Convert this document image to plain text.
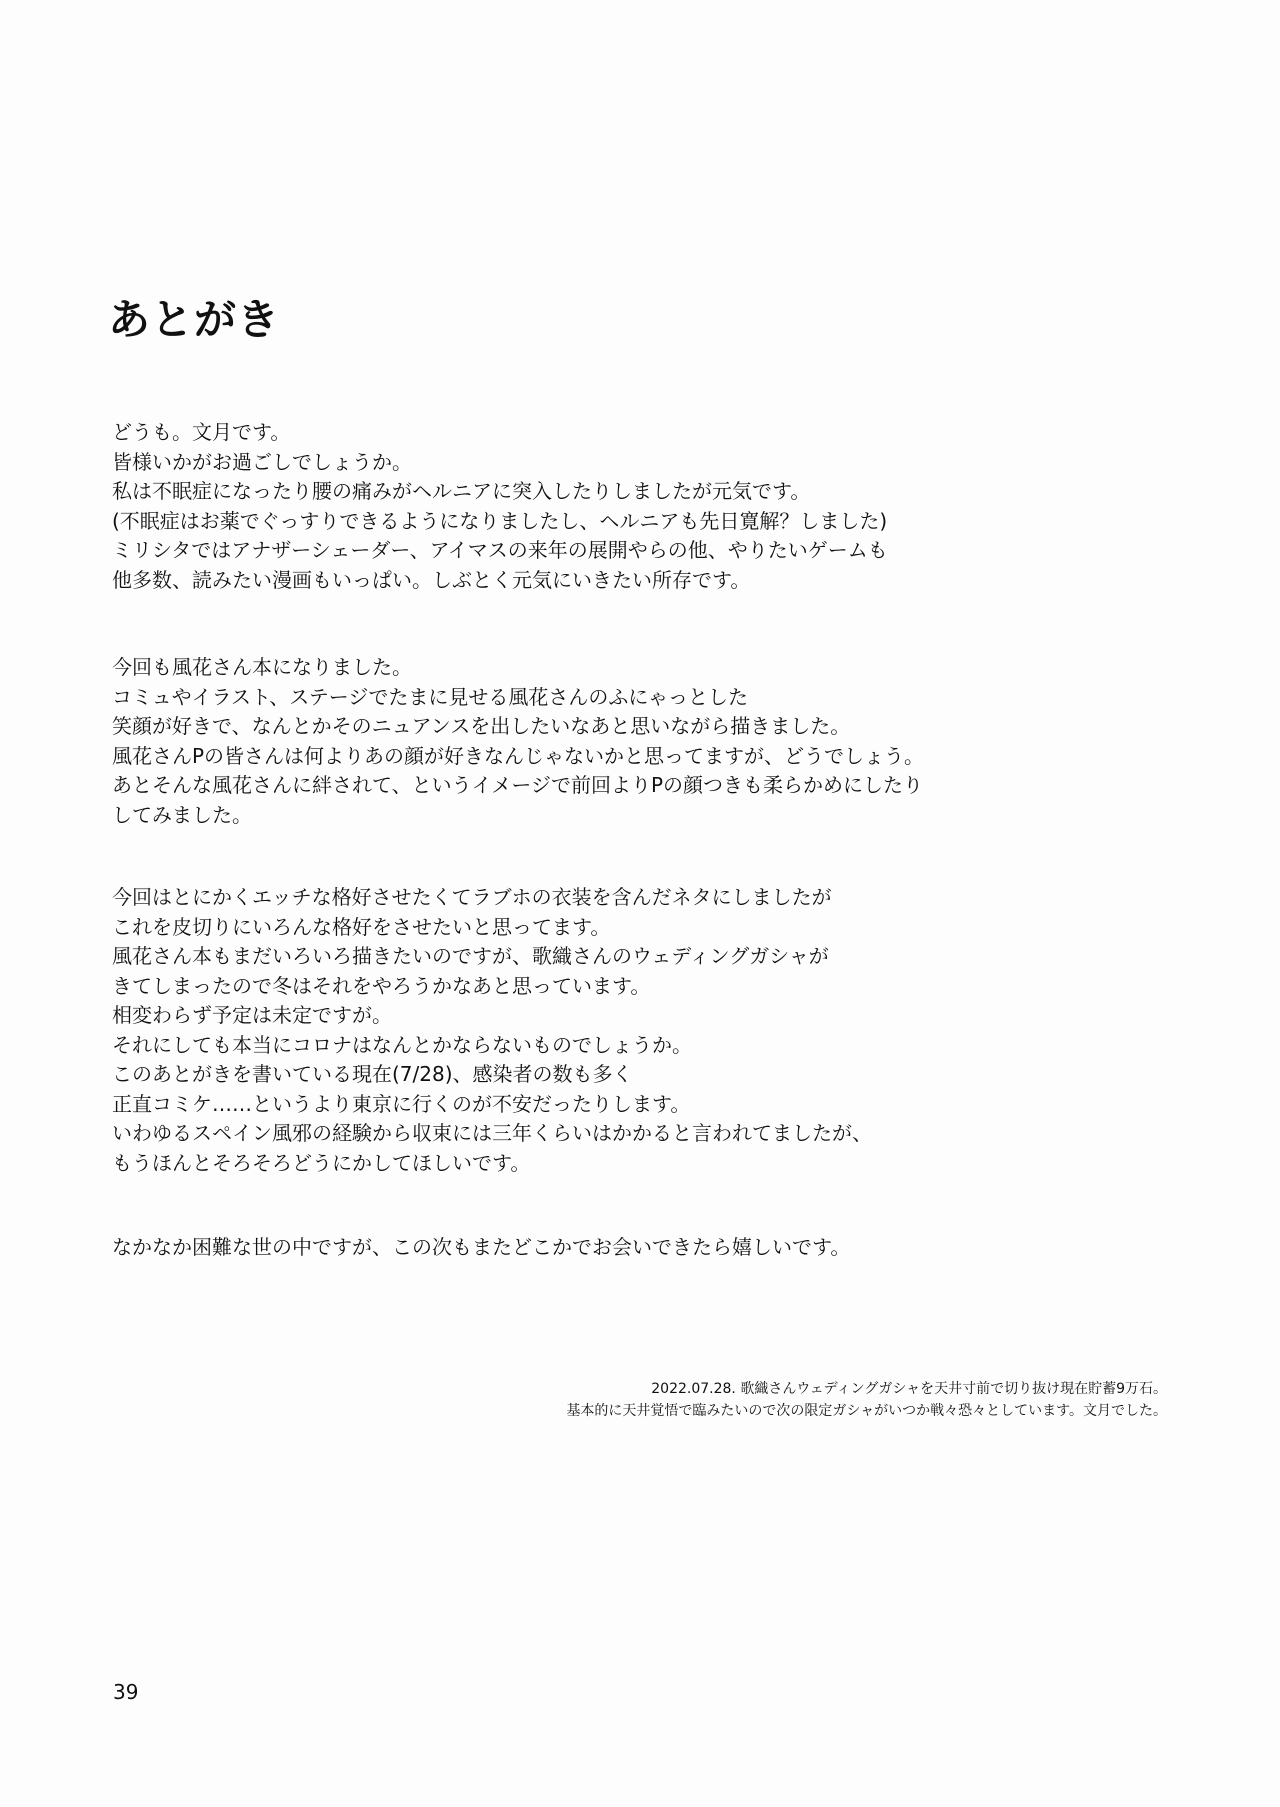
あとがき

どうも。文月です。
皆様いかがお過ごしでしょうか。
私は不眠症になったり腰の痛みがヘルニアに突入したりしましたが元気です。
(不眠症はお薬でぐっすりできるようになりましたし、ヘルニアも先日寛解？しました)
ミリシタではアナザーシェーダー、アイマスの来年の展開やらの他、やりたいゲームも
他多数、読みたい漫画もいっぱい。しぶとく元気にいきたい所存です。

今回も風花さん本になりました。
コミュやイラスト、ステージでたまに見せる風花さんのふにゃっとした
笑顔が好きで、なんとかそのニュアンスを出したいなあと思いながら描きました。
風花さんPの皆さんは何よりあの顔が好きなんじゃないかと思ってますが、どうでしょう。
あとそんな風花さんに絆されて、というイメージで前回よりPの顔つきも柔らかめにしたり
してみました。

今回はとにかくエッチな格好させたくてラブホの衣装を含んだネタにしましたが
これを皮切りにいろんな格好をさせたいと思ってます。
風花さん本もまだいろいろ描きたいのですが、歌織さんのウェディングガシャが
きてしまったので冬はそれをやろうかなあと思っています。
相変わらず予定は未定ですが。
それにしても本当にコロナはなんとかならないものでしょうか。
このあとがきを書いている現在(7/28)、感染者の数も多く
正直コミケ……というより東京に行くのが不安だったりします。
いわゆるスペイン風邪の経験から収束には三年くらいはかかると言われてましたが、
もうほんとそろそろどうにかしてほしいです。

なかなか困難な世の中ですが、この次もまたどこかでお会いできたら嬉しいです。

2022.07.28. 歌織さんウェディングガシャを天井寸前で切り抜け現在貯蓄9万石。
基本的に天井覚悟で臨みたいので次の限定ガシャがいつか戦々恐々としています。文月でした。
39
